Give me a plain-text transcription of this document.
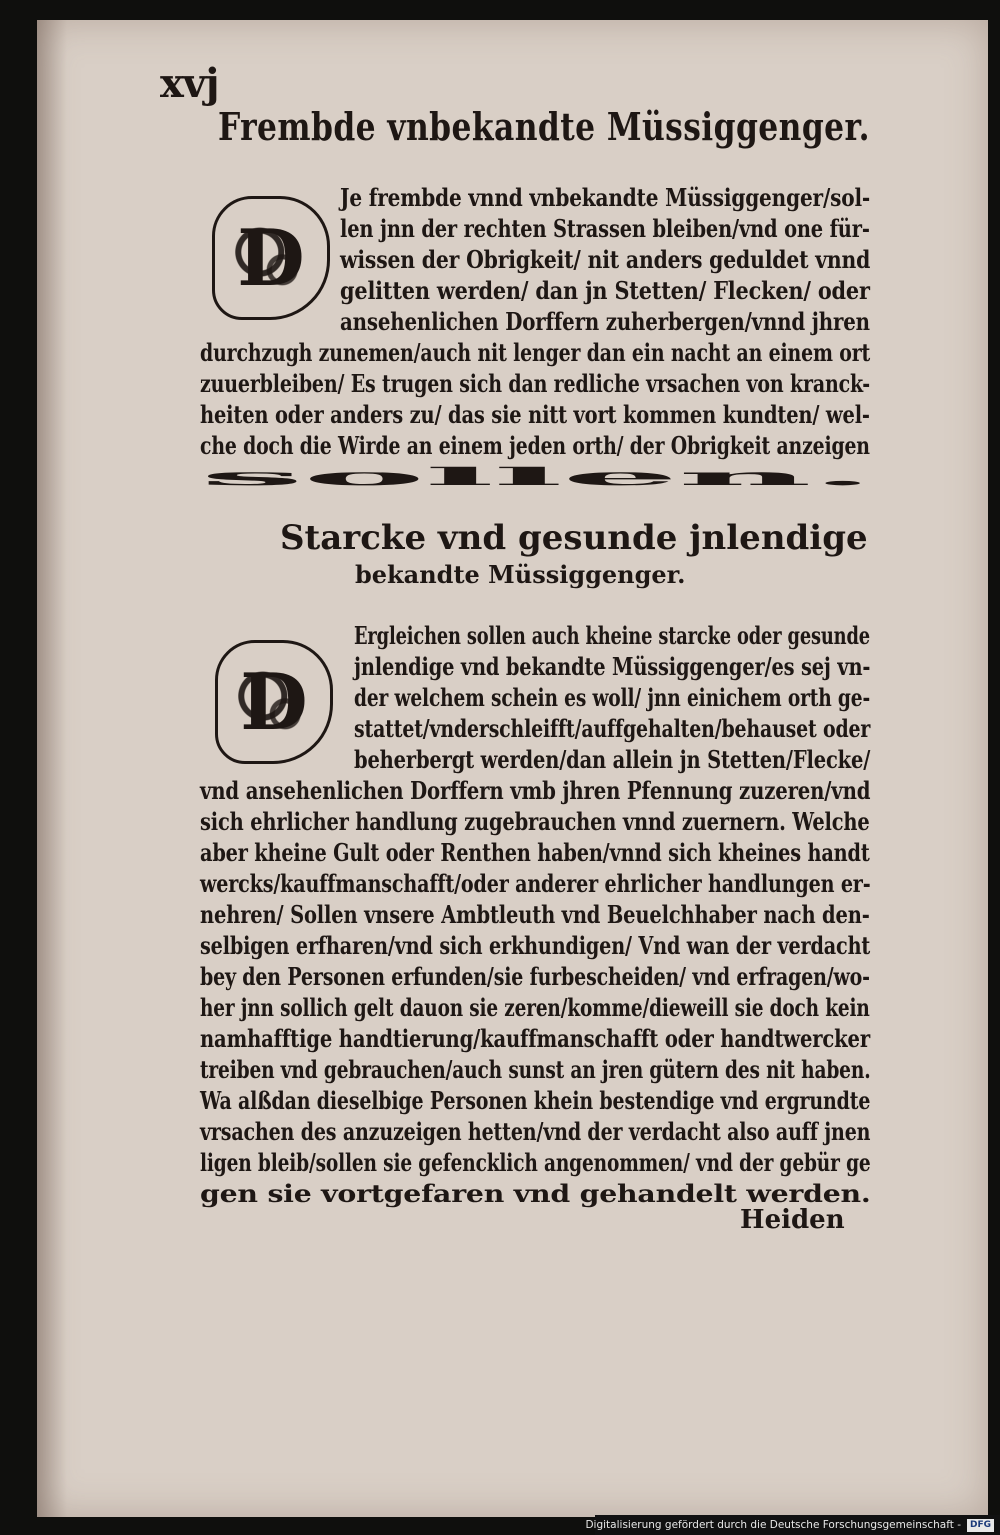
xvj
Frembde vnbekandte Müssiggenger.
D
Je frembde vnnd vnbekandte Müssiggenger/sol-
len jnn der rechten Strassen bleiben/vnd one für-
wissen der Obrigkeit/ nit anders geduldet vnnd
gelitten werden/ dan jn Stetten/ Flecken/ oder
ansehenlichen Dorffern zuherbergen/vnnd jhren
durchzugh zunemen/auch nit lenger dan ein nacht an einem ort
zuuerbleiben/ Es trugen sich dan redliche vrsachen von kranck-
heiten oder anders zu/ das sie nitt vort kommen kundten/ wel-
che doch die Wirde an einem jeden orth/ der Obrigkeit anzeigen
sollen.
Starcke vnd gesunde jnlendige
bekandte Müssiggenger.
D
Ergleichen sollen auch kheine starcke oder gesunde
jnlendige vnd bekandte Müssiggenger/es sej vn-
der welchem schein es woll/ jnn einichem orth ge-
stattet/vnderschleifft/auffgehalten/behauset oder
beherbergt werden/dan allein jn Stetten/Flecke/
vnd ansehenlichen Dorffern vmb jhren Pfennung zuzeren/vnd
sich ehrlicher handlung zugebrauchen vnnd zuernern. Welche
aber kheine Gult oder Renthen haben/vnnd sich kheines handt
wercks/kauffmanschafft/oder anderer ehrlicher handlungen er-
nehren/ Sollen vnsere Ambtleuth vnd Beuelchhaber nach den-
selbigen erfharen/vnd sich erkhundigen/ Vnd wan der verdacht
bey den Personen erfunden/sie furbescheiden/ vnd erfragen/wo-
her jnn sollich gelt dauon sie zeren/komme/dieweill sie doch kein
namhafftige handtierung/kauffmanschafft oder handtwercker
treiben vnd gebrauchen/auch sunst an jren gütern des nit haben.
Wa alßdan dieselbige Personen khein bestendige vnd ergrundte
vrsachen des anzuzeigen hetten/vnd der verdacht also auff jnen
ligen bleib/sollen sie gefencklich angenommen/ vnd der gebür ge
gen sie vortgefaren vnd gehandelt werden.
Heiden
Digitalisierung gefördert durch die Deutsche Forschungsgemeinschaft -	DFG
